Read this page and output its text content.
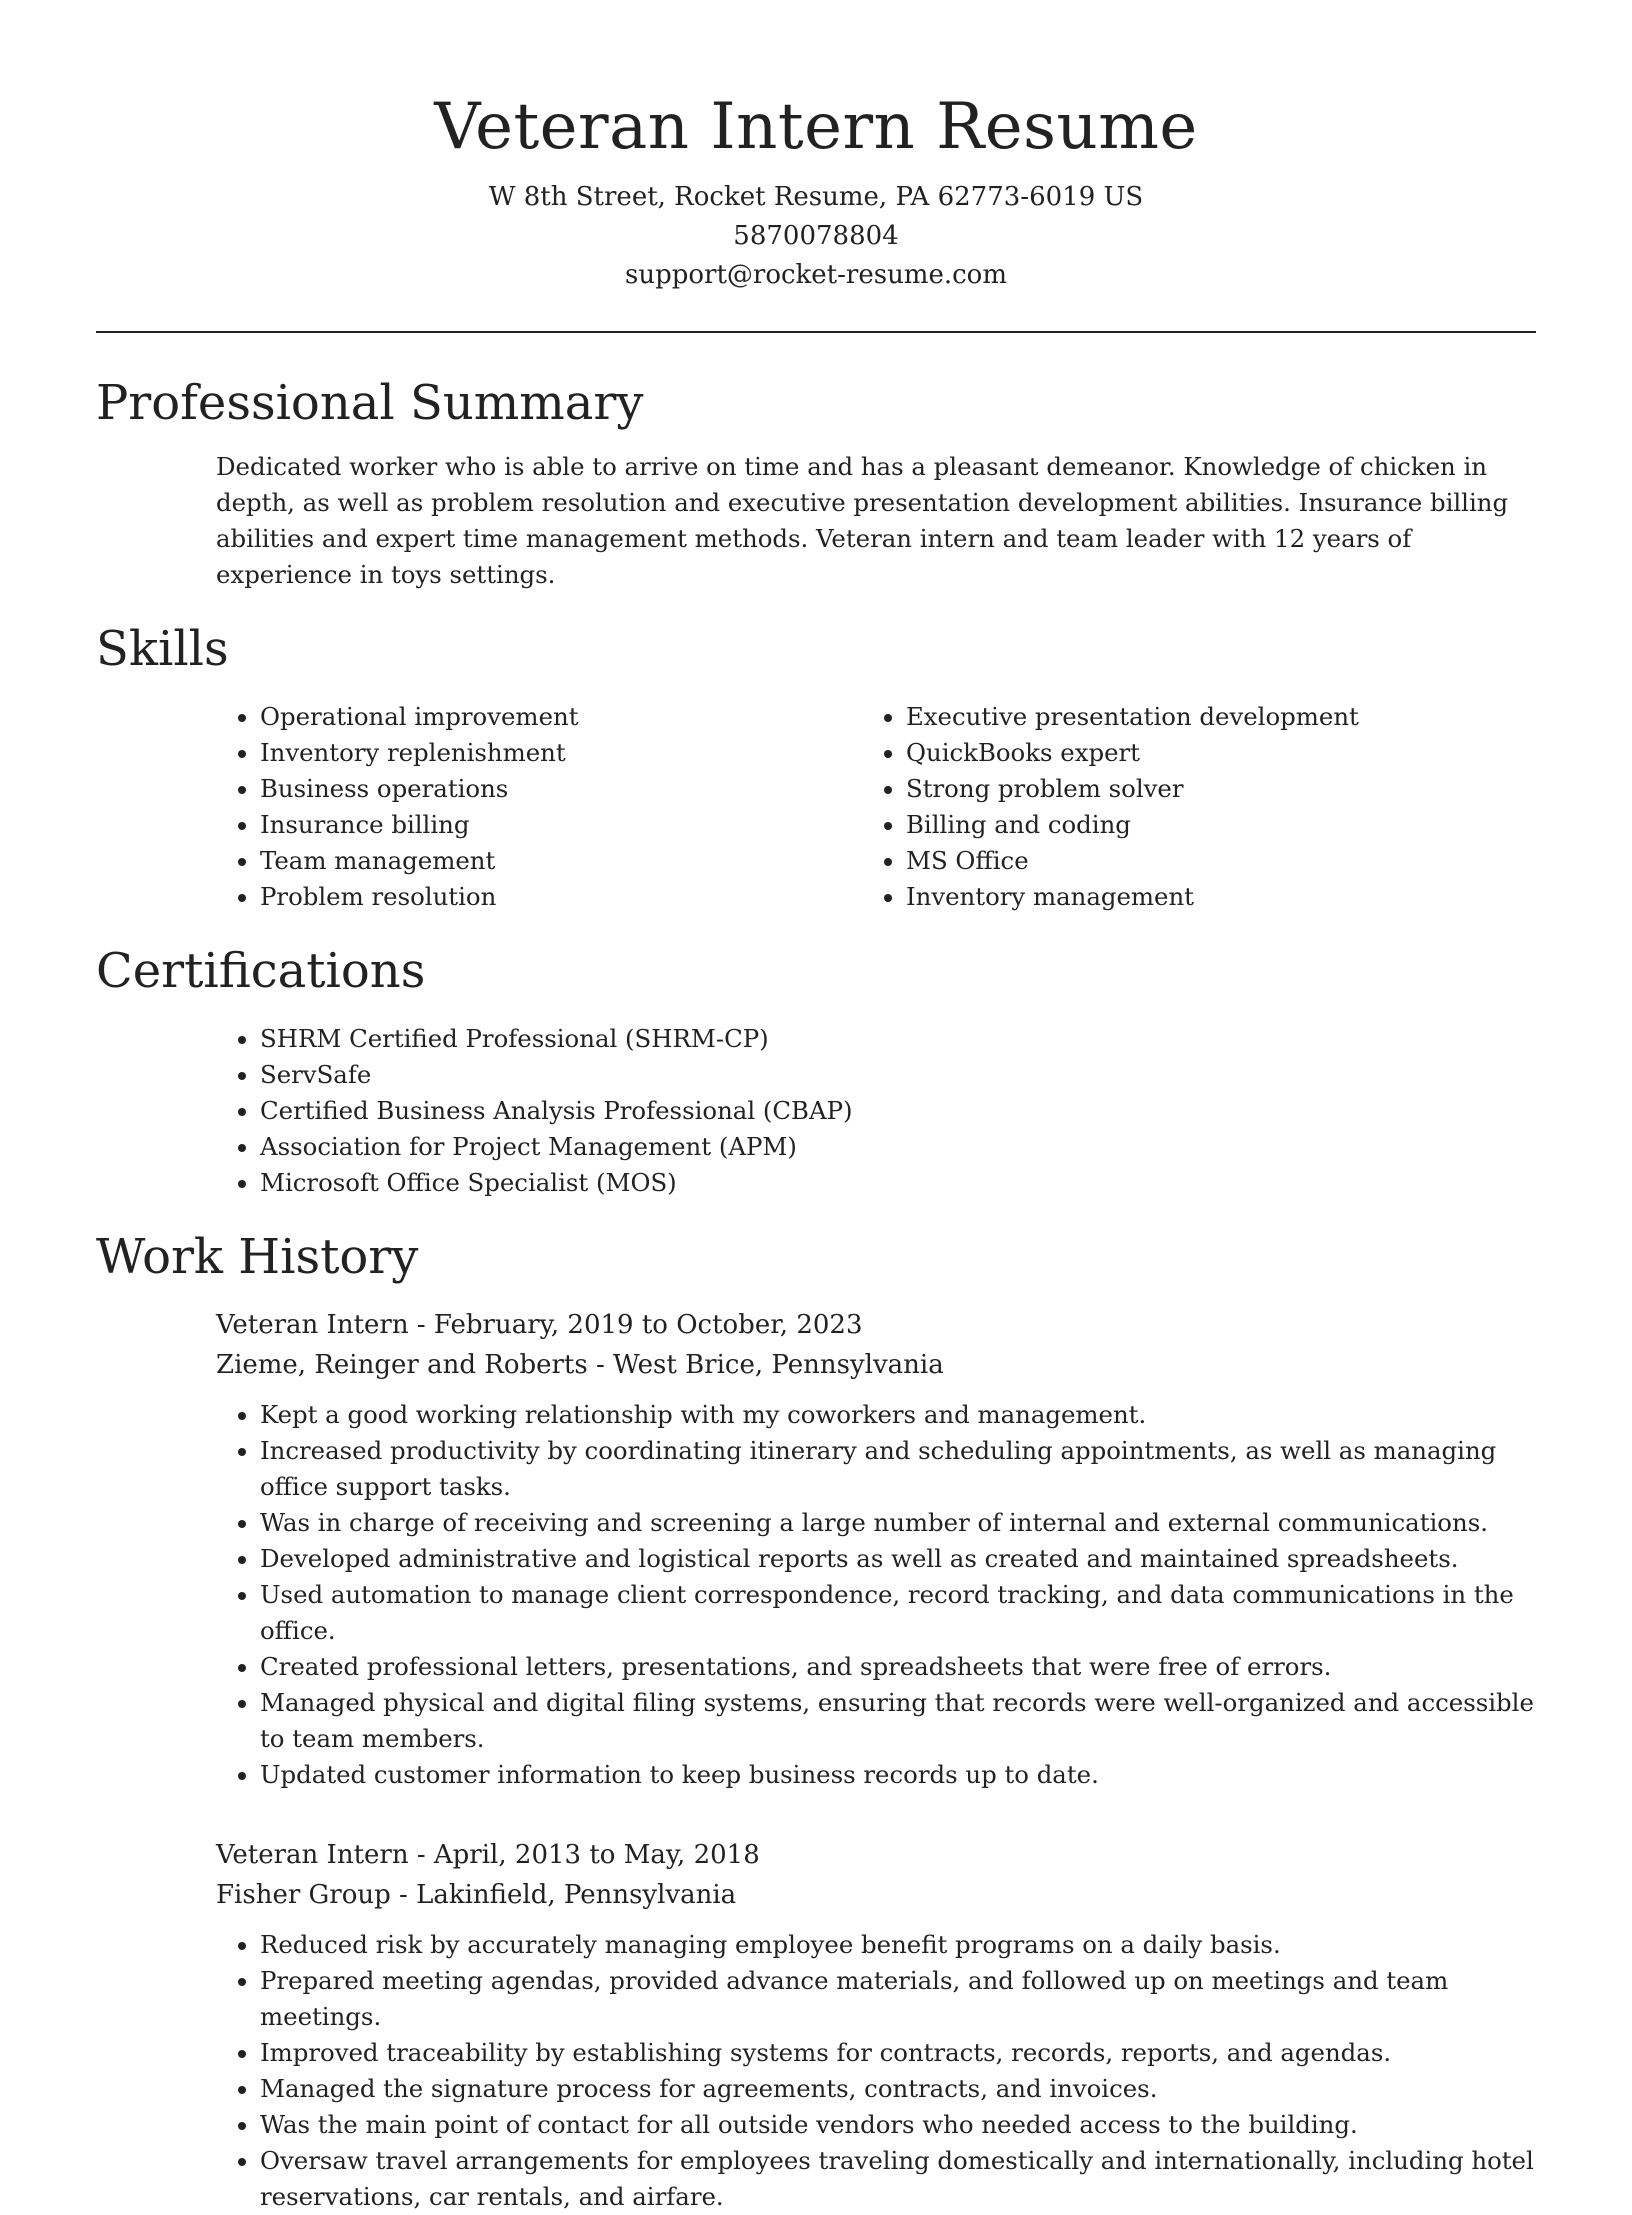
Veteran Intern Resume

W 8th Street, Rocket Resume, PA 62773-6019 US

5870078804

support@rocket-resume.com

Professional Summary

Dedicated worker who is able to arrive on time and has a pleasant demeanor. Knowledge of chicken in depth, as well as problem resolution and executive presentation development abilities. Insurance billing abilities and expert time management methods. Veteran intern and team leader with 12 years of experience in toys settings.

Skills
• Operational improvement
• Inventory replenishment
• Business operations
• Insurance billing
• Team management
• Problem resolution
• Executive presentation development
• QuickBooks expert
• Strong problem solver
• Billing and coding
• MS Office
• Inventory management
Certifications
• SHRM Certified Professional (SHRM-CP)
• ServSafe
• Certified Business Analysis Professional (CBAP)
• Association for Project Management (APM)
• Microsoft Office Specialist (MOS)
Work History

Veteran Intern - February, 2019 to October, 2023

Zieme, Reinger and Roberts - West Brice, Pennsylvania

• Kept a good working relationship with my coworkers and management.
• Increased productivity by coordinating itinerary and scheduling appointments, as well as managing office support tasks.
• Was in charge of receiving and screening a large number of internal and external communications.
• Developed administrative and logistical reports as well as created and maintained spreadsheets.
• Used automation to manage client correspondence, record tracking, and data communications in the office.
• Created professional letters, presentations, and spreadsheets that were free of errors.
• Managed physical and digital filing systems, ensuring that records were well-organized and accessible to team members.
• Updated customer information to keep business records up to date.

Veteran Intern - April, 2013 to May, 2018

Fisher Group - Lakinfield, Pennsylvania

• Reduced risk by accurately managing employee benefit programs on a daily basis.
• Prepared meeting agendas, provided advance materials, and followed up on meetings and team meetings.
• Improved traceability by establishing systems for contracts, records, reports, and agendas.
• Managed the signature process for agreements, contracts, and invoices.
• Was the main point of contact for all outside vendors who needed access to the building.
• Oversaw travel arrangements for employees traveling domestically and internationally, including hotel reservations, car rentals, and airfare.
